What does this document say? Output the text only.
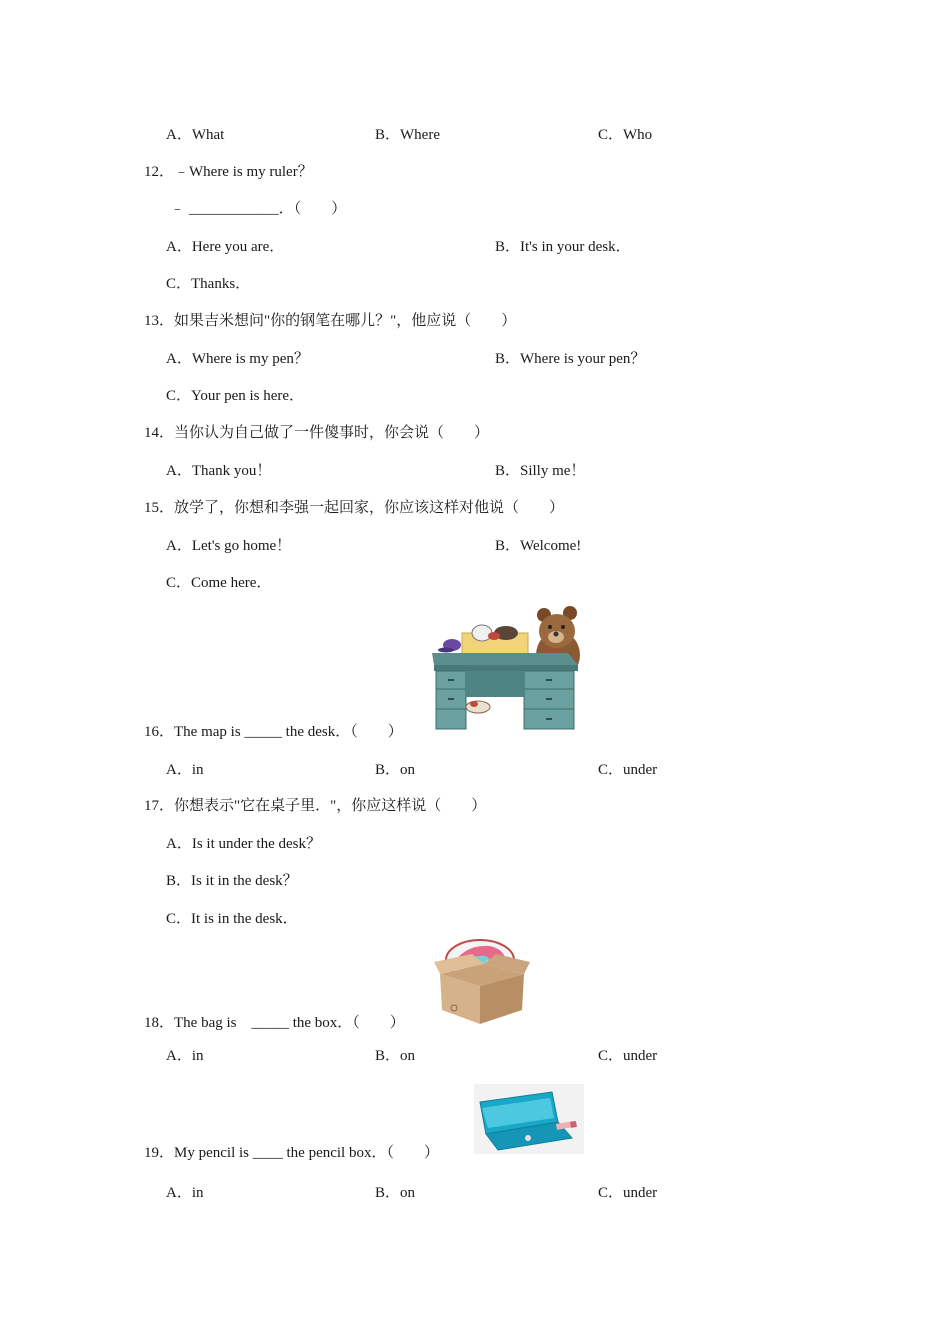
A．What	B．Where	C．Who
12．﹣Where is my ruler？
﹣ ____________．（　　）
A．Here you are．	B．It's in your desk．
C．Thanks．
13．如果吉米想问"你的钢笔在哪儿？"，他应说（　　）
A．Where is my pen？	B．Where is your pen？
C．Your pen is here．
14．当你认为自己做了一件傻事时，你会说（　　）
A．Thank you！	B．Silly me！
15．放学了，你想和李强一起回家，你应该这样对他说（　　）
A．Let's go home！	B．Welcome!
C．Come here．
16．The map is _____ the desk．（　　）
A．in	B．on	C．under
17．你想表示"它在桌子里．"，你应这样说（　　）
A．Is it under the desk？
B．Is it in the desk？
C．It is in the desk．
18．The bag is　_____ the box．（　　）
A．in	B．on	C．under
19．My pencil is ____ the pencil box．（　　）
A．in	B．on	C．under
